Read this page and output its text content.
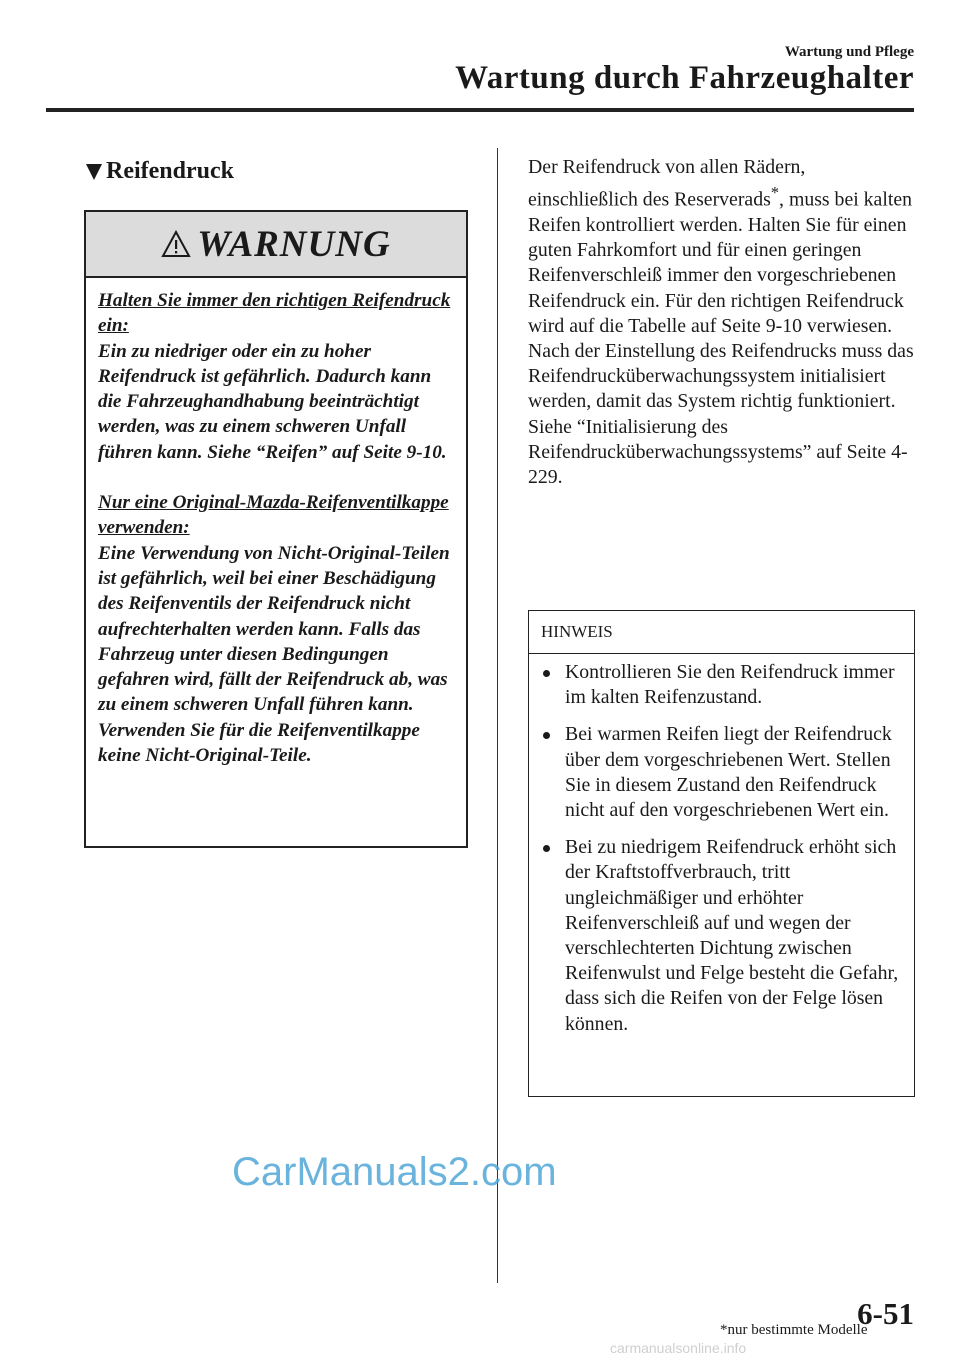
Wartung und Pflege
Wartung durch Fahrzeughalter
Reifendruck
WARNUNG

Halten Sie immer den richtigen Reifendruck ein:

Ein zu niedriger oder ein zu hoher Reifendruck ist gefährlich. Dadurch kann die Fahrzeughandhabung beeinträchtigt werden, was zu einem schweren Unfall führen kann. Siehe “Reifen” auf Seite 9-10.

Nur eine Original-Mazda-Reifenventilkappe verwenden:

Eine Verwendung von Nicht-Original-Teilen ist gefährlich, weil bei einer Beschädigung des Reifenventils der Reifendruck nicht aufrechterhalten werden kann. Falls das Fahrzeug unter diesen Bedingungen gefahren wird, fällt der Reifendruck ab, was zu einem schweren Unfall führen kann. Verwenden Sie für die Reifenventilkappe keine Nicht-Original-Teile.

Der Reifendruck von allen Rädern, einschließlich des Reserverads*, muss bei kalten Reifen kontrolliert werden. Halten Sie für einen guten Fahrkomfort und für einen geringen Reifenverschleiß immer den vorgeschriebenen Reifendruck ein. Für den richtigen Reifendruck wird auf die Tabelle auf Seite 9-10 verwiesen. Nach der Einstellung des Reifendrucks muss das Reifendrucküberwachungssystem initialisiert werden, damit das System richtig funktioniert. Siehe “Initialisierung des Reifendrucküberwachungssystems” auf Seite 4-229.

HINWEIS
Kontrollieren Sie den Reifendruck immer im kalten Reifenzustand.
Bei warmen Reifen liegt der Reifendruck über dem vorgeschriebenen Wert. Stellen Sie in diesem Zustand den Reifendruck nicht auf den vorgeschriebenen Wert ein.
Bei zu niedrigem Reifendruck erhöht sich der Kraftstoffverbrauch, tritt ungleichmäßiger und erhöhter Reifenverschleiß auf und wegen der verschlechterten Dichtung zwischen Reifenwulst und Felge besteht die Gefahr, dass sich die Reifen von der Felge lösen können.
CarManuals2.com
*nur bestimmte Modelle
6-51
carmanualsonline.info
